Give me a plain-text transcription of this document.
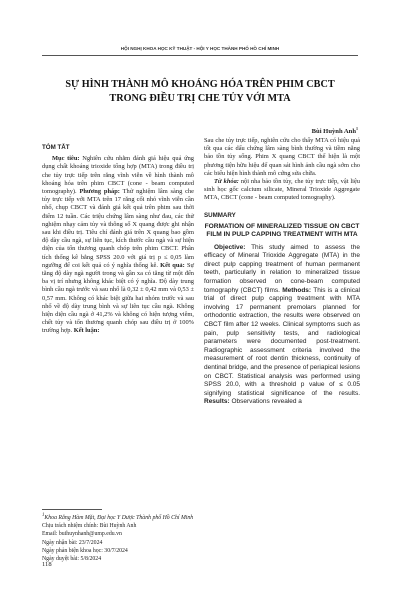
HỘI NGHỊ KHOA HỌC KỸ THUẬT - HỘI Y HỌC THÀNH PHỐ HỒ CHÍ MINH
SỰ HÌNH THÀNH MÔ KHOÁNG HÓA TRÊN PHIM CBCT
TRONG ĐIỀU TRỊ CHE TỦY VỚI MTA
Bùi Huỳnh Anh$^1$
TÓM TẮT

Mục tiêu: Nghiên cứu nhằm đánh giá hiệu quả ứng dụng chất khoáng trioxide tổng hợp (MTA) trong điều trị che tủy trực tiếp trên răng vĩnh viễn về hình thành mô khoáng hóa trên phim CBCT (cone - beam computed tomography). Phương pháp: Thử nghiệm lâm sàng che tủy trực tiếp với MTA trên 17 răng cối nhỏ vĩnh viễn cần nhổ, chụp CBCT và đánh giá kết quả trên phim sau thời điểm 12 tuần. Các triệu chứng lâm sàng như đau, các thử nghiệm nhạy cảm tủy và thông số X quang được ghi nhận sau khi điều trị. Tiêu chí đánh giá trên X quang bao gồm độ dày cầu ngà, sự liên tục, kích thước cầu ngà và sự hiện diện của tổn thương quanh chóp trên phim CBCT. Phân tích thống kê bằng SPSS 20.0 với giá trị p ≤ 0,05 làm ngưỡng để coi kết quả có ý nghĩa thống kê. Kết quả: Sự tăng độ dày ngà người trong và gần xa có tăng từ một đến ba vị trí nhưng không khác biệt có ý nghĩa. Độ dày trung bình cầu ngà trước và sau nhổ là 0,32 ± 0,42 mm và 0,53 ± 0,57 mm. Không có khác biệt giữa hai nhóm trước và sau nhổ về độ dày trung bình và sự liên tục cầu ngà. Không hiện diện cầu ngà ở 41,2% và không có hiện tượng viêm, chết tủy và tổn thương quanh chóp sau điều trị ở 100% trường hợp. Kết luận:

$^1$Khoa Răng Hàm Mặt, Đại học Y Dược Thành phố Hồ Chí Minh
Chịu trách nhiệm chính: Bùi Huỳnh Anh
Email: buihuynhanh@ump.edu.vn
Ngày nhận bài: 23/7/2024
Ngày phản biện khoa học: 30/7/2024
Ngày duyệt bài: 5/8/2024
118

Sau che tủy trực tiếp, nghiên cứu cho thấy MTA có hiệu quả tốt qua các dấu chứng lâm sàng bình thường và tiềm năng bảo tồn tủy sống. Phim X quang CBCT thể hiện là một phương tiện hữu hiệu để quan sát hình ảnh cầu ngà sớm cho các biểu hiện hình thành mô cứng sửa chữa.

Từ khóa: nội nha bảo tồn tủy, che tủy trực tiếp, vật liệu sinh học gốc calcium silicate, Mineral Trioxide Aggregate MTA, CBCT (cone - beam computed tomography).

SUMMARY
FORMATION OF MINERALIZED TISSUE ON CBCT FILM IN PULP CAPPING TREATMENT WITH MTA

Objective: This study aimed to assess the efficacy of Mineral Trioxide Aggregate (MTA) in the direct pulp capping treatment of human permanent teeth, particularly in relation to mineralized tissue formation observed on cone-beam computed tomography (CBCT) films. Methods: This is a clinical trial of direct pulp capping treatment with MTA involving 17 permanent premolars planned for orthodontic extraction, the results were observed on CBCT film after 12 weeks. Clinical symptoms such as pain, pulp sensitivity tests, and radiological parameters were documented post-treatment. Radiographic assessment criteria involved the measurement of root dentin thickness, continuity of dentinal bridge, and the presence of periapical lesions on CBCT. Statistical analysis was performed using SPSS 20.0, with a threshold p value of ≤ 0.05 signifying statistical significance of the results. Results: Observations revealed a
